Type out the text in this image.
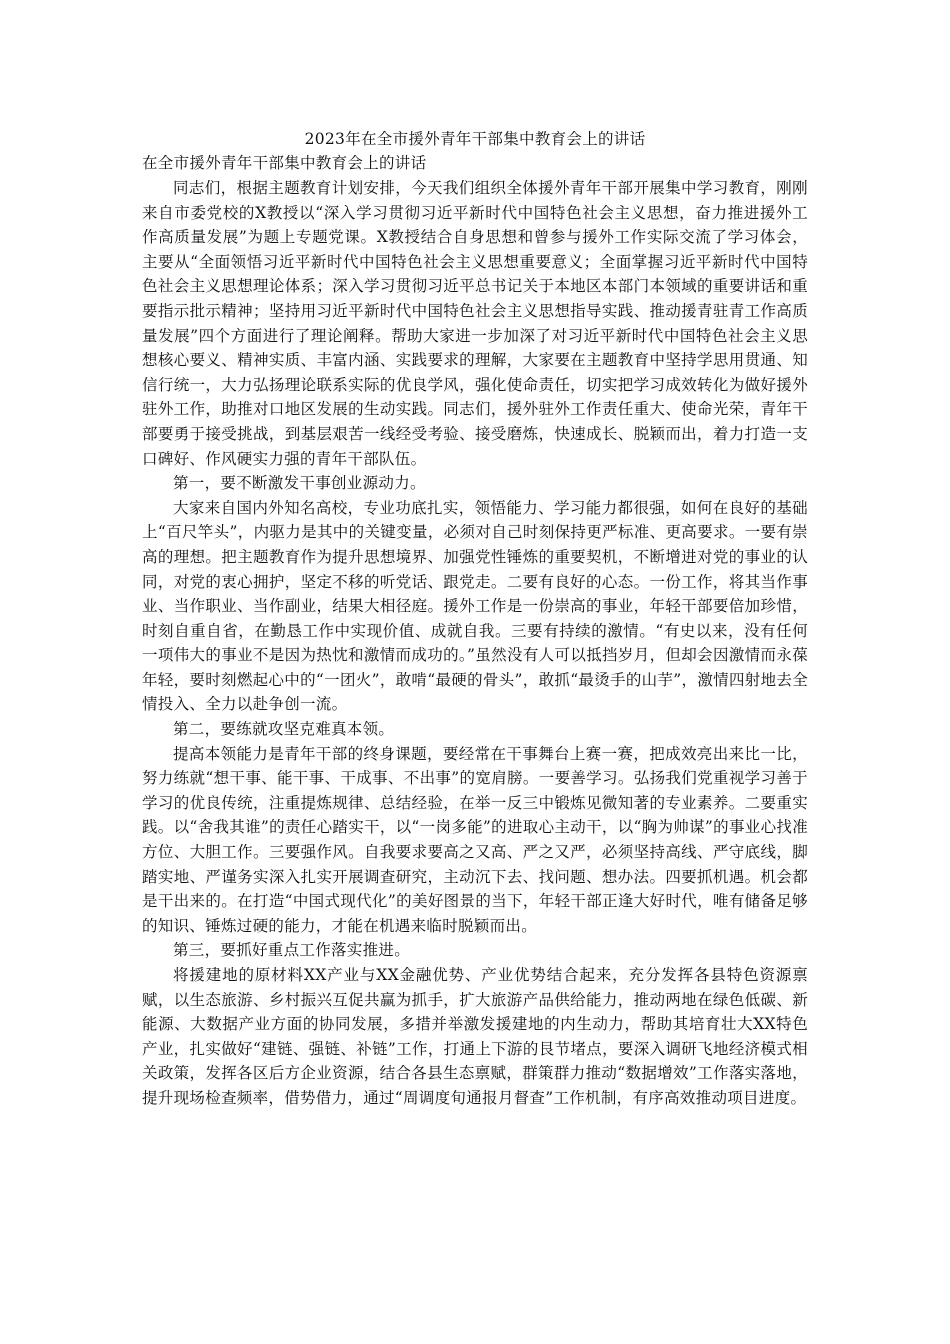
2023年在全市援外青年干部集中教育会上的讲话

在全市援外青年干部集中教育会上的讲话

同志们，根据主题教育计划安排，今天我们组织全体援外青年干部开展集中学习教育，刚刚来自市委党校的X教授以“深入学习贯彻习近平新时代中国特色社会主义思想，奋力推进援外工作高质量发展”为题上专题党课。X教授结合自身思想和曾参与援外工作实际交流了学习体会，主要从“全面领悟习近平新时代中国特色社会主义思想重要意义；全面掌握习近平新时代中国特色社会主义思想理论体系；深入学习贯彻习近平总书记关于本地区本部门本领域的重要讲话和重要指示批示精神；坚持用习近平新时代中国特色社会主义思想指导实践、推动援青驻青工作高质量发展”四个方面进行了理论阐释。帮助大家进一步加深了对习近平新时代中国特色社会主义思想核心要义、精神实质、丰富内涵、实践要求的理解，大家要在主题教育中坚持学思用贯通、知信行统一，大力弘扬理论联系实际的优良学风，强化使命责任，切实把学习成效转化为做好援外驻外工作，助推对口地区发展的生动实践。同志们，援外驻外工作责任重大、使命光荣，青年干部要勇于接受挑战，到基层艰苦一线经受考验、接受磨炼，快速成长、脱颖而出，着力打造一支口碑好、作风硬实力强的青年干部队伍。

第一，要不断激发干事创业源动力。

大家来自国内外知名高校，专业功底扎实，领悟能力、学习能力都很强，如何在良好的基础上“百尺竿头”，内驱力是其中的关键变量，必须对自己时刻保持更严标准、更高要求。一要有崇高的理想。把主题教育作为提升思想境界、加强党性锤炼的重要契机，不断增进对党的事业的认同，对党的衷心拥护，坚定不移的听党话、跟党走。二要有良好的心态。一份工作，将其当作事业、当作职业、当作副业，结果大相径庭。援外工作是一份崇高的事业，年轻干部要倍加珍惜，时刻自重自省，在勤恳工作中实现价值、成就自我。三要有持续的激情。“有史以来，没有任何一项伟大的事业不是因为热忱和激情而成功的。”虽然没有人可以抵挡岁月，但却会因激情而永葆年轻，要时刻燃起心中的“一团火”，敢啃“最硬的骨头”，敢抓“最烫手的山芋”，激情四射地去全情投入、全力以赴争创一流。

第二，要练就攻坚克难真本领。

提高本领能力是青年干部的终身课题，要经常在干事舞台上赛一赛，把成效亮出来比一比，努力练就“想干事、能干事、干成事、不出事”的宽肩膀。一要善学习。弘扬我们党重视学习善于学习的优良传统，注重提炼规律、总结经验，在举一反三中锻炼见微知著的专业素养。二要重实践。以“舍我其谁”的责任心踏实干，以“一岗多能”的进取心主动干，以“胸为帅谋”的事业心找准方位、大胆工作。三要强作风。自我要求要高之又高、严之又严，必须坚持高线、严守底线，脚踏实地、严谨务实深入扎实开展调查研究，主动沉下去、找问题、想办法。四要抓机遇。机会都是干出来的。在打造“中国式现代化”的美好图景的当下，年轻干部正逢大好时代，唯有储备足够的知识、锤炼过硬的能力，才能在机遇来临时脱颖而出。

第三，要抓好重点工作落实推进。

将援建地的原材料XX产业与XX金融优势、产业优势结合起来，充分发挥各县特色资源禀赋，以生态旅游、乡村振兴互促共赢为抓手，扩大旅游产品供给能力，推动两地在绿色低碳、新能源、大数据产业方面的协同发展，多措并举激发援建地的内生动力，帮助其培育壮大XX特色产业，扎实做好“建链、强链、补链”工作，打通上下游的艮节堵点，要深入调研飞地经济模式相关政策，发挥各区后方企业资源，结合各县生态禀赋，群策群力推动“数据增效”工作落实落地，提升现场检查频率，借势借力，通过“周调度旬通报月督查”工作机制，有序高效推动项目进度。
